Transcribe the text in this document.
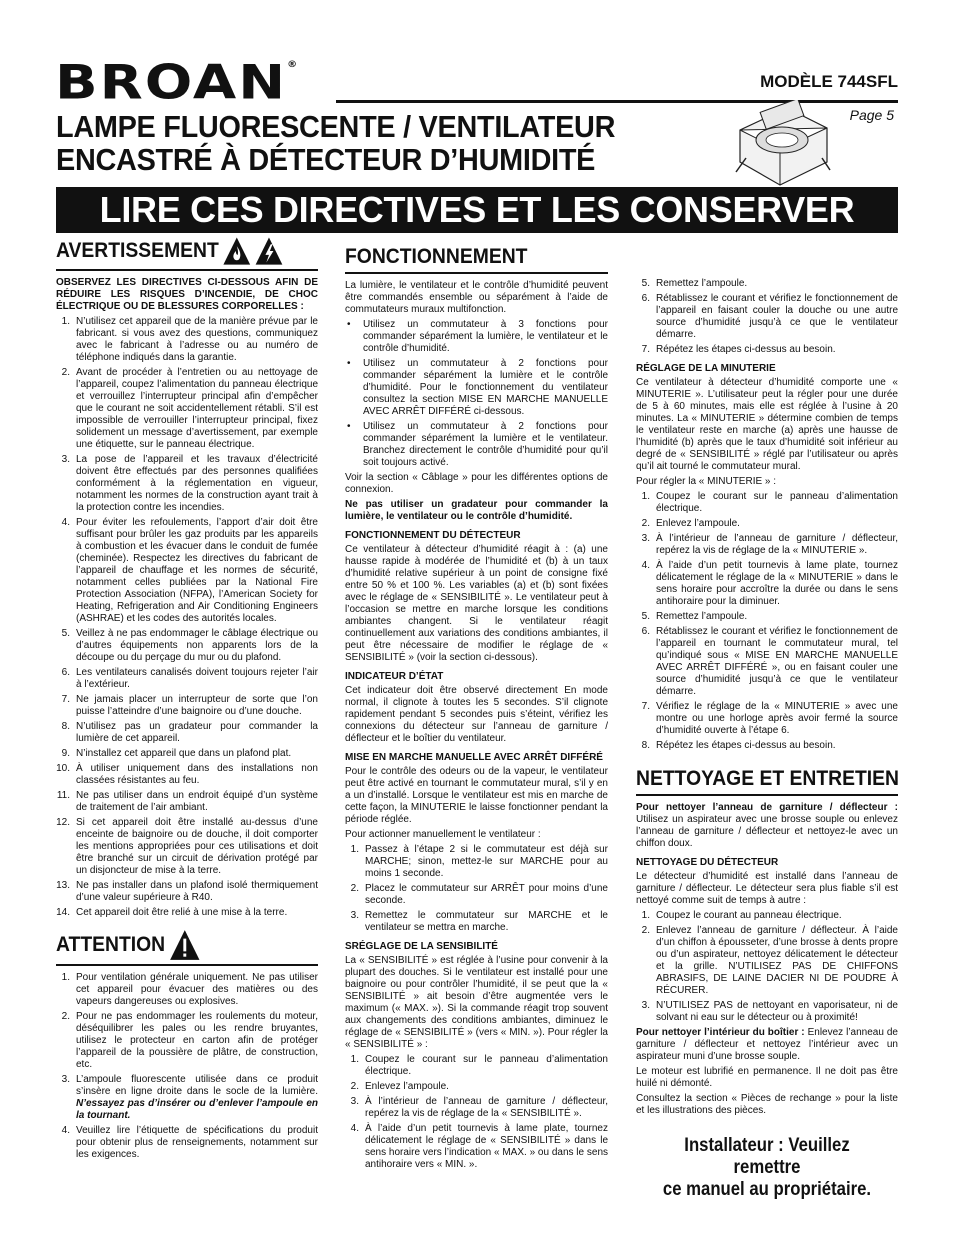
BROAN®
MODÈLE 744SFL
Page 5
LAMPE FLUORESCENTE / VENTILATEUR
ENCASTRÉ À DÉTECTEUR D’HUMIDITÉ
LIRE CES DIRECTIVES ET LES CONSERVER
AVERTISSEMENT

OBSERVEZ LES DIRECTIVES CI-DESSOUS AFIN DE RÉDUIRE LES RISQUES D’INCENDIE, DE CHOC ÉLECTRIQUE OU DE BLESSURES CORPORELLES :

1. N’utilisez cet appareil que de la manière prévue par le fabricant. si vous avez des questions, communiquez avec le fabricant à l’adresse ou au numéro de téléphone indiqués dans la garantie.
2. Avant de procéder à l’entretien ou au nettoyage de l’appareil, coupez l’alimentation du panneau électrique et verrouillez l’interrupteur principal afin d’empêcher que le courant ne soit accidentellement rétabli. S’il est impossible de verrouiller l’interrupteur principal, fixez solidement un message d’avertissement, par exemple une étiquette, sur le panneau électrique.
3. La pose de l’appareil et les travaux d’électricité doivent être effectués par des personnes qualifiées conformément à la réglementation en vigueur, notamment les normes de la construction ayant trait à la protection contre les incendies.
4. Pour éviter les refoulements, l’apport d’air doit être suffisant pour brûler les gaz produits par les appareils à combustion et les évacuer dans le conduit de fumée (cheminée). Respectez les directives du fabricant de l’appareil de chauffage et les normes de sécurité, notamment celles publiées par la National Fire Protection Association (NFPA), l’American Society for Heating, Refrigeration and Air Conditioning Engineers (ASHRAE) et les codes des autorités locales.
5. Veillez à ne pas endommager le câblage électrique ou d’autres équipements non apparents lors de la découpe ou du perçage du mur ou du plafond.
6. Les ventilateurs canalisés doivent toujours rejeter l’air à l’extérieur.
7. Ne jamais placer un interrupteur de sorte que l’on puisse l’atteindre d’une baignoire ou d’une douche.
8. N’utilisez pas un gradateur pour commander la lumière de cet appareil.
9. N’installez cet appareil que dans un plafond plat.
10. À utiliser uniquement dans des installations non classées résistantes au feu.
11. Ne pas utiliser dans un endroit équipé d’un système de traitement de l’air ambiant.
12. Si cet appareil doit être installé au-dessus d’une enceinte de baignoire ou de douche, il doit comporter les mentions appropriées pour ces utilisations et doit être branché sur un circuit de dérivation protégé par un disjoncteur de mise à la terre.
13. Ne pas installer dans un plafond isolé thermiquement d’une valeur supérieure à R40.
14. Cet appareil doit être relié à une mise à la terre.
ATTENTION
1. Pour ventilation générale uniquement. Ne pas utiliser cet appareil pour évacuer des matières ou des vapeurs dangereuses ou explosives.
2. Pour ne pas endommager les roulements du moteur, déséquilibrer les pales ou les rendre bruyantes, utilisez le protecteur en carton afin de protéger l’appareil de la poussière de plâtre, de construction, etc.
3. L’ampoule fluorescente utilisée dans ce produit s’insère en ligne droite dans le socle de la lumière. N’essayez pas d’insérer ou d’enlever l’ampoule en la tournant.
4. Veuillez lire l’étiquette de spécifications du produit pour obtenir plus de renseignements, notamment sur les exigences.
FONCTIONNEMENT

La lumière, le ventilateur et le contrôle d’humidité peuvent être commandés ensemble ou séparément à l’aide de commutateurs muraux multifonction.

•	Utilisez un commutateur à 3 fonctions pour commander séparément la lumière, le ventilateur et le contrôle d’humidité.
•	Utilisez un commutateur à 2 fonctions pour commander séparément la lumière et le contrôle d’humidité. Pour le fonctionnement du ventilateur consultez la section MISE EN MARCHE MANUELLE AVEC ARRÊT DIFFÉRÉ ci-dessous.
•	Utilisez un commutateur à 2 fonctions pour commander séparément la lumière et le ventilateur. Branchez directement le contrôle d’humidité pour qu’il soit toujours activé.

Voir la section « Câblage » pour les différentes options de connexion.

Ne pas utiliser un gradateur pour commander la lumière, le ventilateur ou le contrôle d’humidité.

FONCTIONNEMENT DU DÉTECTEUR

Ce ventilateur à détecteur d’humidité réagit à : (a) une hausse rapide à modérée de l’humidité et (b) à un taux d’humidité relative supérieur à un point de consigne fixé entre 50 % et 100 %. Les variables (a) et (b) sont fixées avec le réglage de « SENSIBILITÉ ». Le ventilateur peut à l’occasion se mettre en marche lorsque les conditions ambiantes changent. Si le ventilateur réagit continuellement aux variations des conditions ambiantes, il peut être nécessaire de modifier le réglage de « SENSIBILITÉ » (voir la section ci-dessous).

INDICATEUR D’ÉTAT

Cet indicateur doit être observé directement En mode normal, il clignote à toutes les 5 secondes. S’il clignote rapidement pendant 5 secondes puis s’éteint, vérifiez les connexions du détecteur sur l’anneau de garniture / déflecteur et le boîtier du ventilateur.

MISE EN MARCHE MANUELLE AVEC ARRÊT DIFFÉRÉ

Pour le contrôle des odeurs ou de la vapeur, le ventilateur peut être activé en tournant le commutateur mural, s’il y en a un d’installé. Lorsque le ventilateur est mis en marche de cette façon, la MINUTERIE le laisse fonctionner pendant la période réglée.

Pour actionner manuellement le ventilateur :

1. Passez à l’étape 2 si le commutateur est déjà sur MARCHE; sinon, mettez-le sur MARCHE pour au moins 1 seconde.
2. Placez le commutateur sur ARRÊT pour moins d’une seconde.
3. Remettez le commutateur sur MARCHE et le ventilateur se mettra en marche.
SRÉGLAGE DE LA SENSIBILITÉ

La « SENSIBILITÉ » est réglée à l’usine pour convenir à la plupart des douches. Si le ventilateur est installé pour une baignoire ou pour contrôler l’humidité, il se peut que la « SENSIBILITÉ » ait besoin d’être augmentée vers le maximum (« MAX. »). Si la commande réagit trop souvent aux changements des conditions ambiantes, diminuez le réglage de « SENSIBILITÉ » (vers « MIN. »). Pour régler la « SENSIBILITÉ » :

1. Coupez le courant sur le panneau d’alimentation électrique.
2. Enlevez l’ampoule.
3. À l’intérieur de l’anneau de garniture / déflecteur, repérez la vis de réglage de la « SENSIBILITÉ ».
4. À l’aide d’un petit tournevis à lame plate, tournez délicatement le réglage de « SENSIBILITÉ » dans le sens horaire vers l’indication « MAX. » ou dans le sens antihoraire vers « MIN. ».
5. Remettez l’ampoule.
6. Rétablissez le courant et vérifiez le fonctionnement de l’appareil en faisant couler la douche ou une autre source d’humidité jusqu’à ce que le ventilateur démarre.
7. Répétez les étapes ci-dessus au besoin.
RÉGLAGE DE LA MINUTERIE

Ce ventilateur à détecteur d’humidité comporte une « MINUTERIE ». L’utilisateur peut la régler pour une durée de 5 à 60 minutes, mais elle est réglée à l’usine à 20 minutes. La « MINUTERIE » détermine combien de temps le ventilateur reste en marche (a) après une hausse de l’humidité (b) après que le taux d’humidité soit inférieur au degré de « SENSIBILITÉ » réglé par l’utilisateur ou après qu’il ait tourné le commutateur mural.

Pour régler la « MINUTERIE » :

1. Coupez le courant sur le panneau d’alimentation électrique.
2. Enlevez l’ampoule.
3. À l’intérieur de l’anneau de garniture / déflecteur, repérez la vis de réglage de la « MINUTERIE ».
4. À l’aide d’un petit tournevis à lame plate, tournez délicatement le réglage de la « MINUTERIE » dans le sens horaire pour accroître la durée ou dans le sens antihoraire pour la diminuer.
5. Remettez l’ampoule.
6. Rétablissez le courant et vérifiez le fonctionnement de l’appareil en tournant le commutateur mural, tel qu’indiqué sous « MISE EN MARCHE MANUELLE AVEC ARRÊT DIFFÉRÉ », ou en faisant couler une source d’humidité jusqu’à ce que le ventilateur démarre.
7. Vérifiez le réglage de la « MINUTERIE » avec une montre ou une horloge après avoir fermé la source d’humidité ouverte à l’étape 6.
8. Répétez les étapes ci-dessus au besoin.
NETTOYAGE ET ENTRETIEN

Pour nettoyer l’anneau de garniture / déflecteur : Utilisez un aspirateur avec une brosse souple ou enlevez l’anneau de garniture / déflecteur et nettoyez-le avec un chiffon doux.

NETTOYAGE DU DÉTECTEUR

Le détecteur d’humidité est installé dans l’anneau de garniture / déflecteur. Le détecteur sera plus fiable s’il est nettoyé comme suit de temps à autre :

1. Coupez le courant au panneau électrique.
2. Enlevez l’anneau de garniture / déflecteur. À l’aide d’un chiffon à épousseter, d’une brosse à dents propre ou d’un aspirateur, nettoyez délicatement le détecteur et la grille. N’UTILISEZ PAS DE CHIFFONS ABRASIFS, DE LAINE DACIER NI DE POUDRE À RÉCURER.
3. N’UTILISEZ PAS de nettoyant en vaporisateur, ni de solvant ni eau sur le détecteur ou à proximité!

Pour nettoyer l’intérieur du boîtier : Enlevez l’anneau de garniture / déflecteur et nettoyez l’intérieur avec un aspirateur muni d’une brosse souple.

Le moteur est lubrifié en permanence. Il ne doit pas être huilé ni démonté.

Consultez la section « Pièces de rechange » pour la liste et les illustrations des pièces.

Installateur : Veuillez remettre
ce manuel au propriétaire.
